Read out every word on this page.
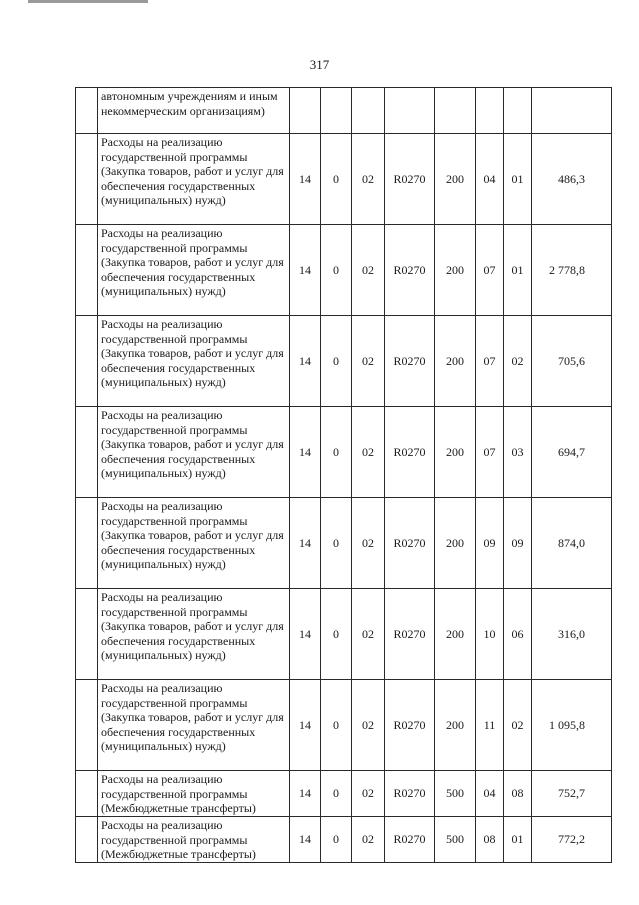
317
	автономным учреждениям и иным некоммерческим организациям)								
	Расходы на реализацию государственной программы (Закупка товаров, работ и услуг для обеспечения государственных (муниципальных) нужд)	14	0	02	R0270	200	04	01	486,3
	Расходы на реализацию государственной программы (Закупка товаров, работ и услуг для обеспечения государственных (муниципальных) нужд)	14	0	02	R0270	200	07	01	2 778,8
	Расходы на реализацию государственной программы (Закупка товаров, работ и услуг для обеспечения государственных (муниципальных) нужд)	14	0	02	R0270	200	07	02	705,6
	Расходы на реализацию государственной программы (Закупка товаров, работ и услуг для обеспечения государственных (муниципальных) нужд)	14	0	02	R0270	200	07	03	694,7
	Расходы на реализацию государственной программы (Закупка товаров, работ и услуг для обеспечения государственных (муниципальных) нужд)	14	0	02	R0270	200	09	09	874,0
	Расходы на реализацию государственной программы (Закупка товаров, работ и услуг для обеспечения государственных (муниципальных) нужд)	14	0	02	R0270	200	10	06	316,0
	Расходы на реализацию государственной программы (Закупка товаров, работ и услуг для обеспечения государственных (муниципальных) нужд)	14	0	02	R0270	200	11	02	1 095,8
	Расходы на реализацию государственной программы (Межбюджетные трансферты)	14	0	02	R0270	500	04	08	752,7
	Расходы на реализацию государственной программы (Межбюджетные трансферты)	14	0	02	R0270	500	08	01	772,2
